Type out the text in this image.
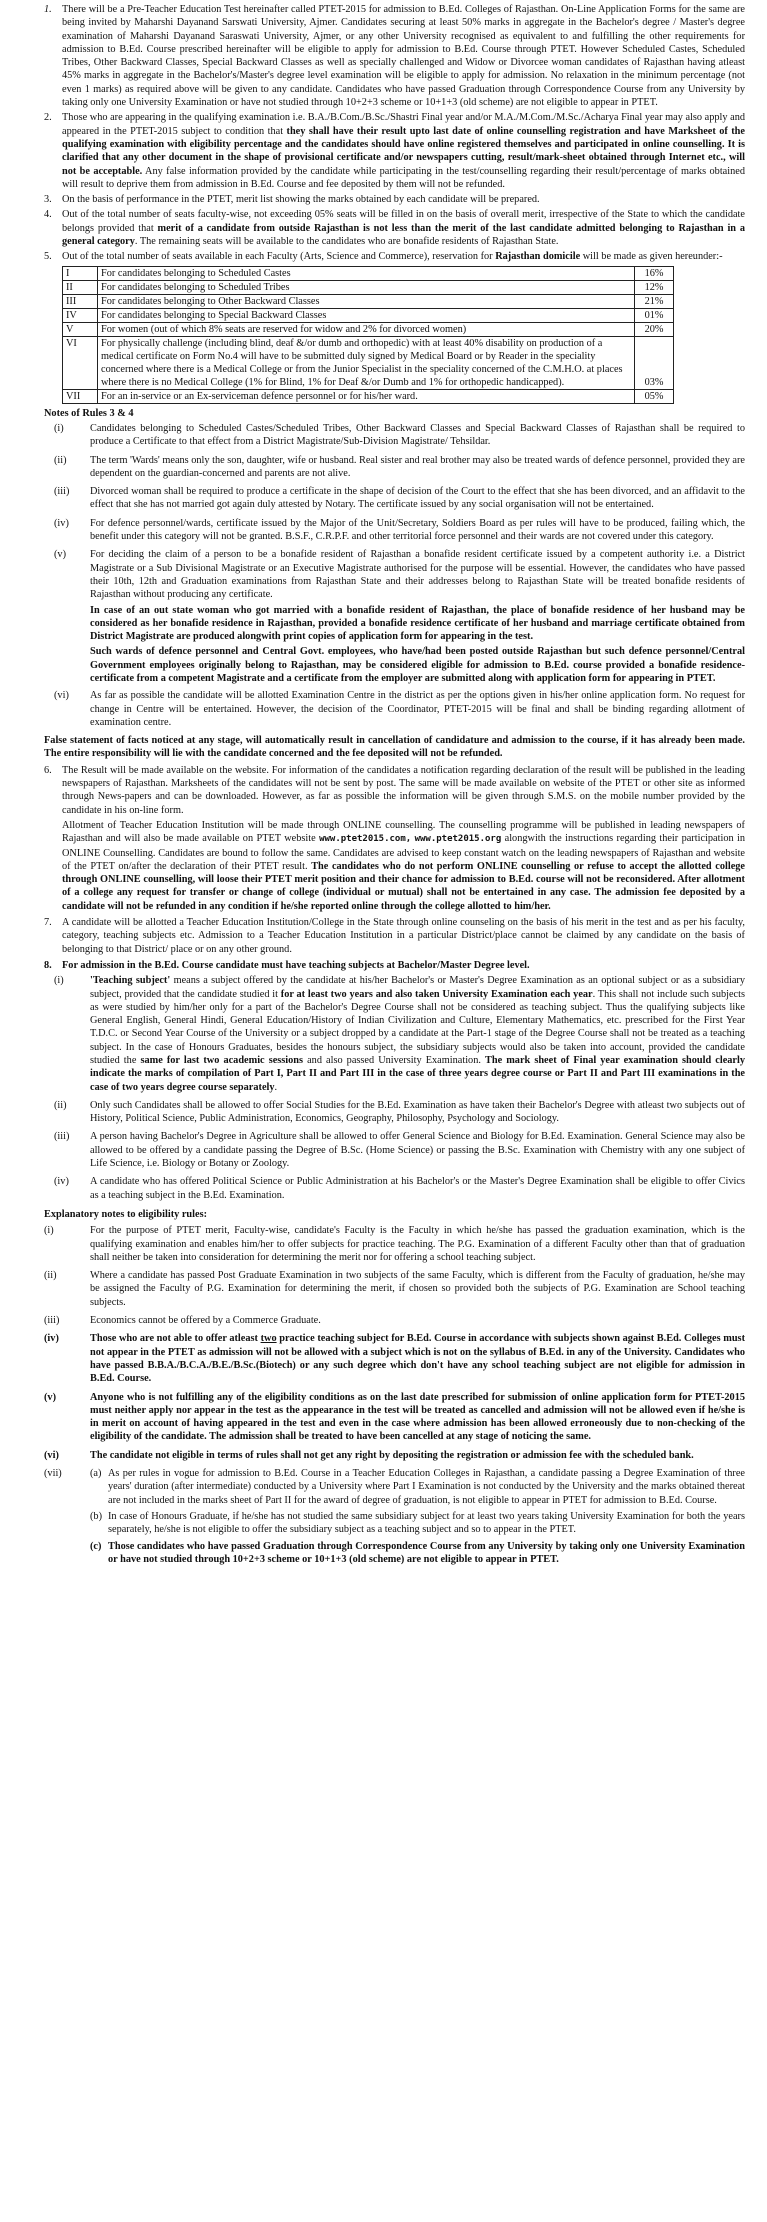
1. There will be a Pre-Teacher Education Test hereinafter called PTET-2015 for admission to B.Ed. Colleges of Rajasthan. On-Line Application Forms for the same are being invited by Maharshi Dayanand Sarswati University, Ajmer. Candidates securing at least 50% marks in aggregate in the Bachelor's degree / Master's degree examination of Maharshi Dayanand Saraswati University, Ajmer, or any other University recognised as equivalent to and fulfilling the other requirements for admission to B.Ed. Course prescribed hereinafter will be eligible to apply for admission to B.Ed. Course through PTET. However Scheduled Castes, Scheduled Tribes, Other Backward Classes, Special Backward Classes as well as specially challenged and Widow or Divorcee woman candidates of Rajasthan having atleast 45% marks in aggregate in the Bachelor's/Master's degree level examination will be eligible to apply for admission. No relaxation in the minimum percentage (not even 1 marks) as required above will be given to any candidate. Candidates who have passed Graduation through Correspondence Course from any University by taking only one University Examination or have not studied through 10+2+3 scheme or 10+1+3 (old scheme) are not eligible to appear in PTET.
2. Those who are appearing in the qualifying examination i.e. B.A./B.Com./B.Sc./Shastri Final year and/or M.A./M.Com./M.Sc./Acharya Final year may also apply and appeared in the PTET-2015 subject to condition that they shall have their result upto last date of online counselling registration and have Marksheet of the qualifying examination with eligibility percentage and the candidates should have online registered themselves and participated in online counselling. It is clarified that any other document in the shape of provisional certificate and/or newspapers cutting, result/mark-sheet obtained through Internet etc., will not be acceptable. Any false information provided by the candidate while participating in the test/counselling regarding their result/percentage of marks obtained will result to deprive them from admission in B.Ed. Course and fee deposited by them will not be refunded.
3. On the basis of performance in the PTET, merit list showing the marks obtained by each candidate will be prepared.
4. Out of the total number of seats faculty-wise, not exceeding 05% seats will be filled in on the basis of overall merit, irrespective of the State to which the candidate belongs provided that merit of a candidate from outside Rajasthan is not less than the merit of the last candidate admitted belonging to Rajasthan in a general category. The remaining seats will be available to the candidates who are bonafide residents of Rajasthan State.
5. Out of the total number of seats available in each Faculty (Arts, Science and Commerce), reservation for Rajasthan domicile will be made as given hereunder:-
I	For candidates belonging to Scheduled Castes	16%
II	For candidates belonging to Scheduled Tribes	12%
III	For candidates belonging to Other Backward Classes	21%
IV	For candidates belonging to Special Backward Classes	01%
V	For women (out of which 8% seats are reserved for widow and 2% for divorced women)	20%
VI	For physically challenge (including blind, deaf &/or dumb and orthopedic) with at least 40% disability on production of a medical certificate on Form No.4 will have to be submitted duly signed by Medical Board or by Reader in the speciality concerned where there is a Medical College or from the Junior Specialist in the speciality concerned of the C.M.H.O. at places where there is no Medical College (1% for Blind, 1% for Deaf &/or Dumb and 1% for orthopedic handicapped).	03%
VII	For an in-service or an Ex-serviceman defence personnel or for his/her ward.	05%
Notes of Rules 3 & 4
(i)	Candidates belonging to Scheduled Castes/Scheduled Tribes, Other Backward Classes and Special Backward Classes of Rajasthan shall be required to produce a Certificate to that effect from a District Magistrate/Sub-Division Magistrate/ Tehsildar.
(ii)	The term 'Wards' means only the son, daughter, wife or husband. Real sister and real brother may also be treated wards of defence personnel, provided they are dependent on the guardian-concerned and parents are not alive.
(iii)	Divorced woman shall be required to produce a certificate in the shape of decision of the Court to the effect that she has been divorced, and an affidavit to the effect that she has not married got again duly attested by Notary. The certificate issued by any social organisation will not be entertained.
(iv)	For defence personnel/wards, certificate issued by the Major of the Unit/Secretary, Soldiers Board as per rules will have to be produced, failing which, the benefit under this category will not be granted. B.S.F., C.R.P.F. and other territorial force personnel and their wards are not covered under this category.
(v)	For deciding the claim of a person to be a bonafide resident of Rajasthan a bonafide resident certificate issued by a competent authority i.e. a District Magistrate or a Sub Divisional Magistrate or an Executive Magistrate authorised for the purpose will be essential. However, the candidates who have passed their 10th, 12th and Graduation examinations from Rajasthan State and their addresses belong to Rajasthan State will be treated bonafide residents of Rajasthan without producing any certificate.
In case of an out state woman who got married with a bonafide resident of Rajasthan, the place of bonafide residence of her husband may be considered as her bonafide residence in Rajasthan, provided a bonafide residence certificate of her husband and marriage certificate obtained from District Magistrate are produced alongwith print copies of application form for appearing in the test.
Such wards of defence personnel and Central Govt. employees, who have/had been posted outside Rajasthan but such defence personnel/Central Government employees originally belong to Rajasthan, may be considered eligible for admission to B.Ed. course provided a bonafide residence-certificate from a competent Magistrate and a certificate from the employer are submitted along with application form for appearing in PTET.
(vi)	As far as possible the candidate will be allotted Examination Centre in the district as per the options given in his/her online application form. No request for change in Centre will be entertained. However, the decision of the Coordinator, PTET-2015 will be final and shall be binding regarding allotment of examination centre.
False statement of facts noticed at any stage, will automatically result in cancellation of candidature and admission to the course, if it has already been made. The entire responsibility will lie with the candidate concerned and the fee deposited will not be refunded.
6. The Result will be made available on the website. For information of the candidates a notification regarding declaration of the result will be published in the leading newspapers of Rajasthan. Marksheets of the candidates will not be sent by post. The same will be made available on website of the PTET or other site as informed through News-papers and can be downloaded. However, as far as possible the information will be given through S.M.S. on the mobile number provided by the candidate in his on-line form.
Allotment of Teacher Education Institution will be made through ONLINE counselling. The counselling programme will be published in leading newspapers of Rajasthan and will also be made available on PTET website www.ptet2015.com, www.ptet2015.org alongwith the instructions regarding their participation in ONLINE Counselling. Candidates are bound to follow the same. Candidates are advised to keep constant watch on the leading newspapers of Rajasthan and website of the PTET on/after the declaration of their PTET result. The candidates who do not perform ONLINE counselling or refuse to accept the allotted college through ONLINE counselling, will loose their PTET merit position and their chance for admission to B.Ed. course will not be reconsidered. After allotment of a college any request for transfer or change of college (individual or mutual) shall not be entertained in any case. The admission fee deposited by a candidate will not be refunded in any condition if he/she reported online through the college allotted to him/her.
7. A candidate will be allotted a Teacher Education Institution/College in the State through online counseling on the basis of his merit in the test and as per his faculty, category, teaching subjects etc. Admission to a Teacher Education Institution in a particular District/place cannot be claimed by any candidate on the basis of belonging to that District/ place or on any other ground.
8. For admission in the B.Ed. Course candidate must have teaching subjects at Bachelor/Master Degree level.
(i)	'Teaching subject' means a subject offered by the candidate at his/her Bachelor's or Master's Degree Examination as an optional subject or as a subsidiary subject, provided that the candidate studied it for at least two years and also taken University Examination each year. This shall not include such subjects as were studied by him/her only for a part of the Bachelor's Degree Course shall not be considered as teaching subject. Thus the qualifying subjects like General English, General Hindi, General Education/History of Indian Civilization and Culture, Elementary Mathematics, etc. prescribed for the First Year T.D.C. or Second Year Course of the University or a subject dropped by a candidate at the Part-1 stage of the Degree Course shall not be treated as a teaching subject. In the case of Honours Graduates, besides the honours subject, the subsidiary subjects would also be taken into account, provided the candidate studied the same for last two academic sessions and also passed University Examination. The mark sheet of Final year examination should clearly indicate the marks of compilation of Part I, Part II and Part III in the case of three years degree course or Part II and Part III examinations in the case of two years degree course separately.
(ii)	Only such Candidates shall be allowed to offer Social Studies for the B.Ed. Examination as have taken their Bachelor's Degree with atleast two subjects out of History, Political Science, Public Administration, Economics, Geography, Philosophy, Psychology and Sociology.
(iii)	A person having Bachelor's Degree in Agriculture shall be allowed to offer General Science and Biology for B.Ed. Examination. General Science may also be allowed to be offered by a candidate passing the Degree of B.Sc. (Home Science) or passing the B.Sc. Examination with Chemistry with any one subject of Life Science, i.e. Biology or Botany or Zoology.
(iv)	A candidate who has offered Political Science or Public Administration at his Bachelor's or the Master's Degree Examination shall be eligible to offer Civics as a teaching subject in the B.Ed. Examination.
Explanatory notes to eligibility rules:
(i)	For the purpose of PTET merit, Faculty-wise, candidate's Faculty is the Faculty in which he/she has passed the graduation examination, which is the qualifying examination and enables him/her to offer subjects for practice teaching. The P.G. Examination of a different Faculty other than that of graduation shall neither be taken into consideration for determining the merit nor for offering a school teaching subject.
(ii)	Where a candidate has passed Post Graduate Examination in two subjects of the same Faculty, which is different from the Faculty of graduation, he/she may be assigned the Faculty of P.G. Examination for determining the merit, if chosen so provided both the subjects of P.G. Examination are School teaching subjects.
(iii)	Economics cannot be offered by a Commerce Graduate.
(iv)	Those who are not able to offer atleast two practice teaching subject for B.Ed. Course in accordance with subjects shown against B.Ed. Colleges must not appear in the PTET as admission will not be allowed with a subject which is not on the syllabus of B.Ed. in any of the University. Candidates who have passed B.B.A./B.C.A./B.E./B.Sc.(Biotech) or any such degree which don't have any school teaching subject are not eligible for admission in B.Ed. Course.
(v)	Anyone who is not fulfilling any of the eligibility conditions as on the last date prescribed for submission of online application form for PTET-2015 must neither apply nor appear in the test as the appearance in the test will be treated as cancelled and admission will not be allowed even if he/she is in merit on account of having appeared in the test and even in the case where admission has been allowed erroneously due to non-checking of the eligibility of the candidate. The admission shall be treated to have been cancelled at any stage of noticing the same.
(vi)	The candidate not eligible in terms of rules shall not get any right by depositing the registration or admission fee with the scheduled bank.
(vii)	(a) As per rules in vogue for admission to B.Ed. Course in a Teacher Education Colleges in Rajasthan, a candidate passing a Degree Examination of three years' duration (after intermediate) conducted by a University where Part I Examination is not conducted by the University and the marks obtained thereat are not included in the marks sheet of Part II for the award of degree of graduation, is not eligible to appear in PTET for admission to B.Ed. Course.
(b) In case of Honours Graduate, if he/she has not studied the same subsidiary subject for at least two years taking University Examination for both the years separately, he/she is not eligible to offer the subsidiary subject as a teaching subject and so to appear in the PTET.
(c) Those candidates who have passed Graduation through Correspondence Course from any University by taking only one University Examination or have not studied through 10+2+3 scheme or 10+1+3 (old scheme) are not eligible to appear in PTET.
